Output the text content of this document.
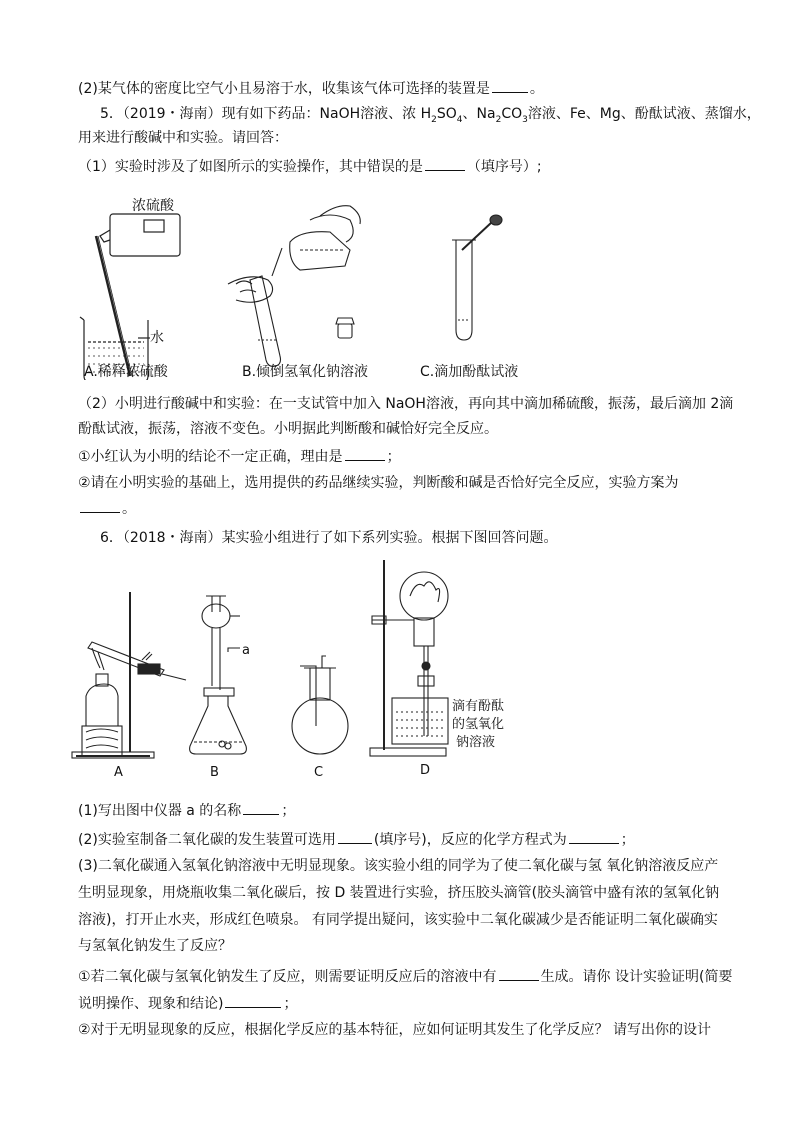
(2)某气体的密度比空气小且易溶于水，收集该气体可选择的装置是	。
5．（2019・海南）现有如下药品：NaOH溶液、浓 $H_2SO_4$、$Na_2CO_3$溶液、Fe、Mg、酚酞试液、蒸馏水，
用来进行酸碱中和实验。请回答：
（1）实验时涉及了如图所示的实验操作，其中错误的是	（填序号）;
浓硫酸
水
A.稀释浓硫酸	B.倾倒氢氧化钠溶液	C.滴加酚酞试液
（2）小明进行酸碱中和实验：在一支试管中加入 NaOH溶液，再向其中滴加稀硫酸，振荡，最后滴加 2滴
酚酞试液，振荡，溶液不变色。小明据此判断酸和碱恰好完全反应。
①小红认为小明的结论不一定正确，理由是	；
②请在小明实验的基础上，选用提供的药品继续实验，判断酸和碱是否恰好完全反应，实验方案为
。
6．（2018・海南）某实验小组进行了如下系列实验。根据下图回答问题。
a
滴有酚酞
的氢氧化
钠溶液
A	B	C	D
(1)写出图中仪器 a 的名称	；
(2)实验室制备二氧化碳的发生装置可选用	(填序号)，反应的化学方程式为	；
(3)二氧化碳通入氢氧化钠溶液中无明显现象。该实验小组的同学为了使二氧化碳与氢 氧化钠溶液反应产
生明显现象，用烧瓶收集二氧化碳后，按 D 装置进行实验，挤压胶头滴管(胶头滴管中盛有浓的氢氧化钠
溶液)，打开止水夹，形成红色喷泉。 有同学提出疑问，该实验中二氧化碳减少是否能证明二氧化碳确实
与氢氧化钠发生了反应？
①若二氧化碳与氢氧化钠发生了反应，则需要证明反应后的溶液中有	生成。请你 设计实验证明(简要
说明操作、现象和结论)	；
②对于无明显现象的反应，根据化学反应的基本特征，应如何证明其发生了化学反应？ 请写出你的设计
